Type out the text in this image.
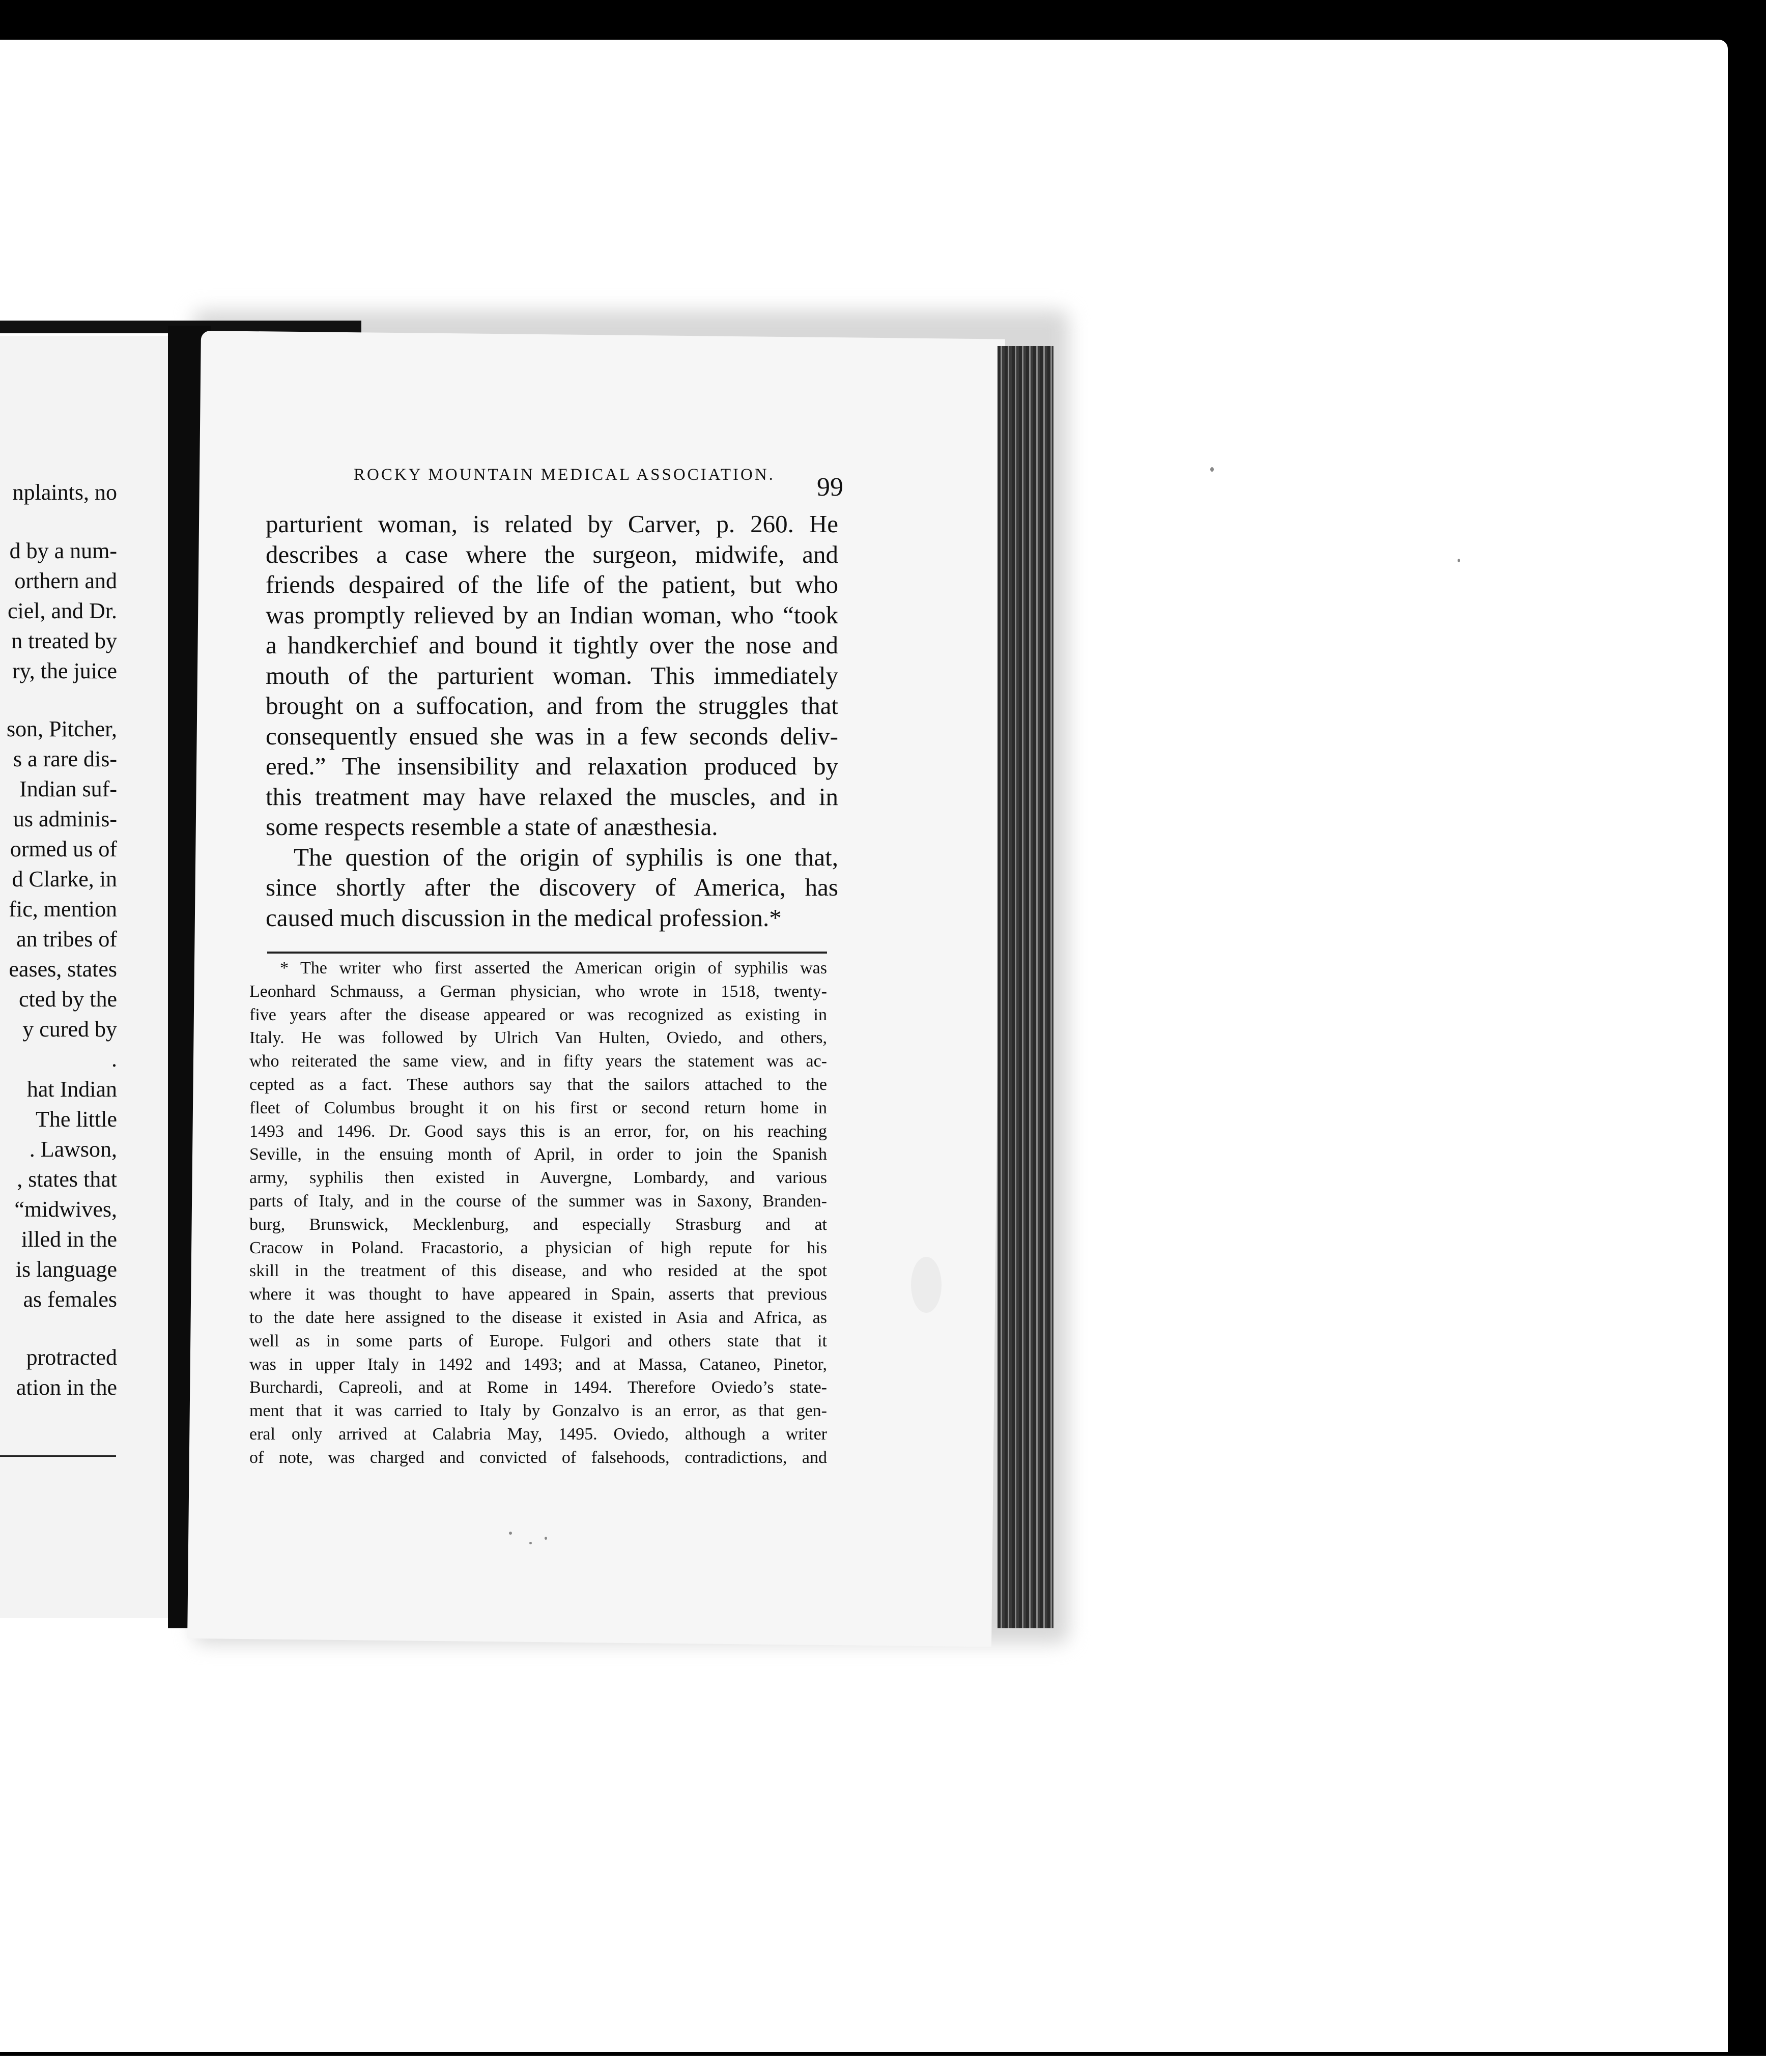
nplaints, no
d by a num-
orthern and
ciel, and Dr.
n treated by
ry, the juice
son, Pitcher,
s a rare dis-
Indian suf-
us adminis-
ormed us of
d Clarke, in
fic, mention
an tribes of
eases, states
cted by the
y cured by
.
hat Indian
The little
. Lawson,
, states that
“midwives,
illed in the
is language
as females
protracted
ation in the
ROCKY MOUNTAIN MEDICAL ASSOCIATION. 99
parturient woman, is related by Carver, p. 260. He
describes a case where the surgeon, midwife, and
friends despaired of the life of the patient, but who
was promptly relieved by an Indian woman, who “took
a handkerchief and bound it tightly over the nose and
mouth of the parturient woman. This immediately
brought on a suffocation, and from the struggles that
consequently ensued she was in a few seconds deliv-
ered.” The insensibility and relaxation produced by
this treatment may have relaxed the muscles, and in
some respects resemble a state of anæsthesia.
The question of the origin of syphilis is one that,
since shortly after the discovery of America, has
caused much discussion in the medical profession.*
* The writer who first asserted the American origin of syphilis was
Leonhard Schmauss, a German physician, who wrote in 1518, twenty-
five years after the disease appeared or was recognized as existing in
Italy. He was followed by Ulrich Van Hulten, Oviedo, and others,
who reiterated the same view, and in fifty years the statement was ac-
cepted as a fact. These authors say that the sailors attached to the
fleet of Columbus brought it on his first or second return home in
1493 and 1496. Dr. Good says this is an error, for, on his reaching
Seville, in the ensuing month of April, in order to join the Spanish
army, syphilis then existed in Auvergne, Lombardy, and various
parts of Italy, and in the course of the summer was in Saxony, Branden-
burg, Brunswick, Mecklenburg, and especially Strasburg and at
Cracow in Poland. Fracastorio, a physician of high repute for his
skill in the treatment of this disease, and who resided at the spot
where it was thought to have appeared in Spain, asserts that previous
to the date here assigned to the disease it existed in Asia and Africa, as
well as in some parts of Europe. Fulgori and others state that it
was in upper Italy in 1492 and 1493; and at Massa, Cataneo, Pinetor,
Burchardi, Capreoli, and at Rome in 1494. Therefore Oviedo’s state-
ment that it was carried to Italy by Gonzalvo is an error, as that gen-
eral only arrived at Calabria May, 1495. Oviedo, although a writer
of note, was charged and convicted of falsehoods, contradictions, and
